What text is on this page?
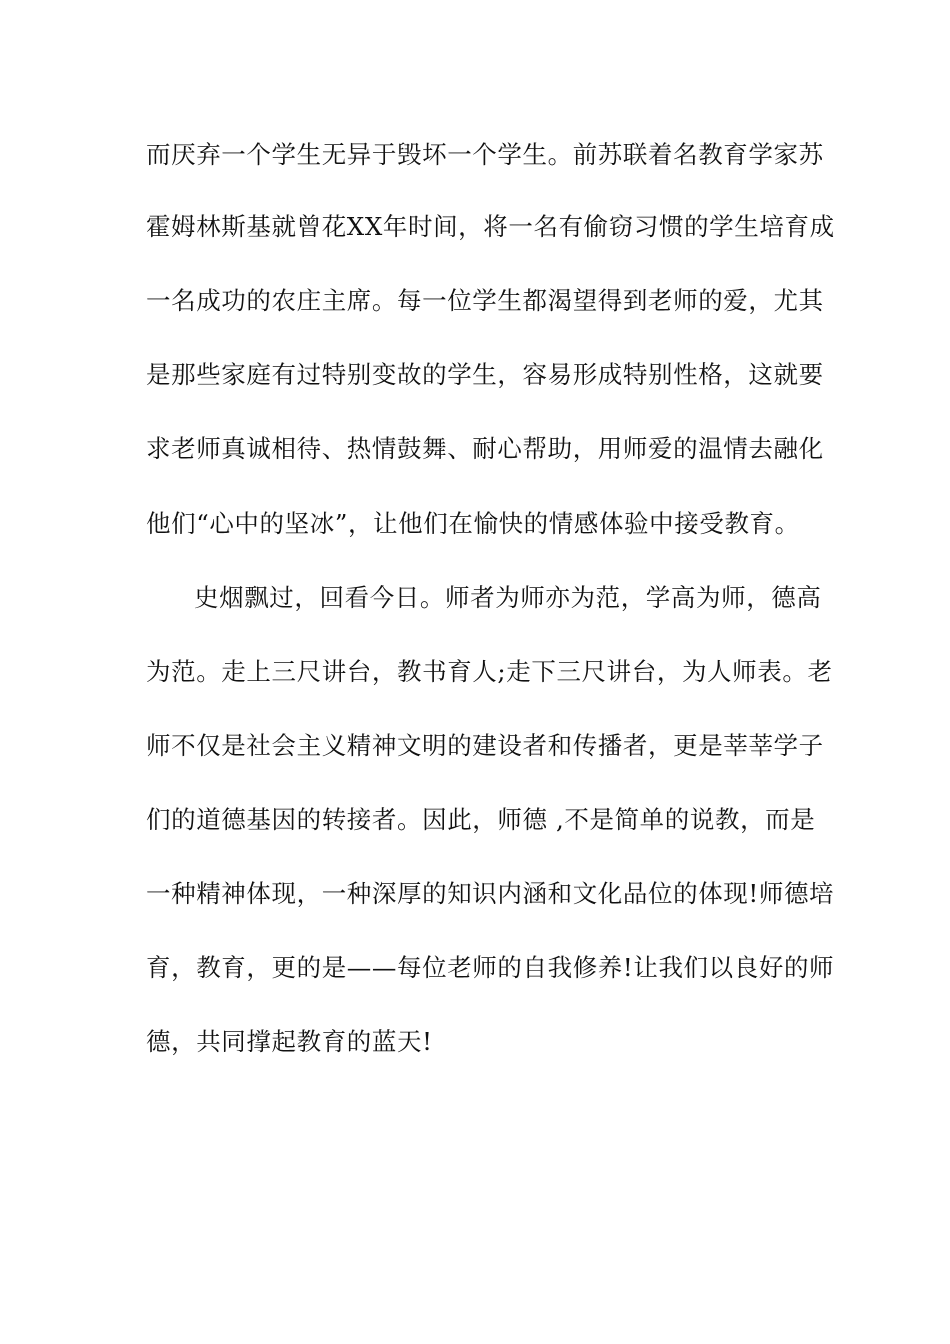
而厌弃一个学生无异于毁坏一个学生。前苏联着名教育学家苏
霍姆林斯基就曾花XX年时间，将一名有偷窃习惯的学生培育成
一名成功的农庄主席。每一位学生都渴望得到老师的爱，尤其
是那些家庭有过特别变故的学生，容易形成特别性格，这就要
求老师真诚相待、热情鼓舞、耐心帮助，用师爱的温情去融化
他们“心中的坚冰”，让他们在愉快的情感体验中接受教育。
史烟飘过，回看今日。师者为师亦为范，学高为师，德高
为范。走上三尺讲台，教书育人;走下三尺讲台，为人师表。老
师不仅是社会主义精神文明的建设者和传播者，更是莘莘学子
们的道德基因的转接者。因此，师德 ,不是简单的说教，而是
一种精神体现，一种深厚的知识内涵和文化品位的体现!师德培
育，教育，更的是——每位老师的自我修养!让我们以良好的师
德，共同撑起教育的蓝天!
